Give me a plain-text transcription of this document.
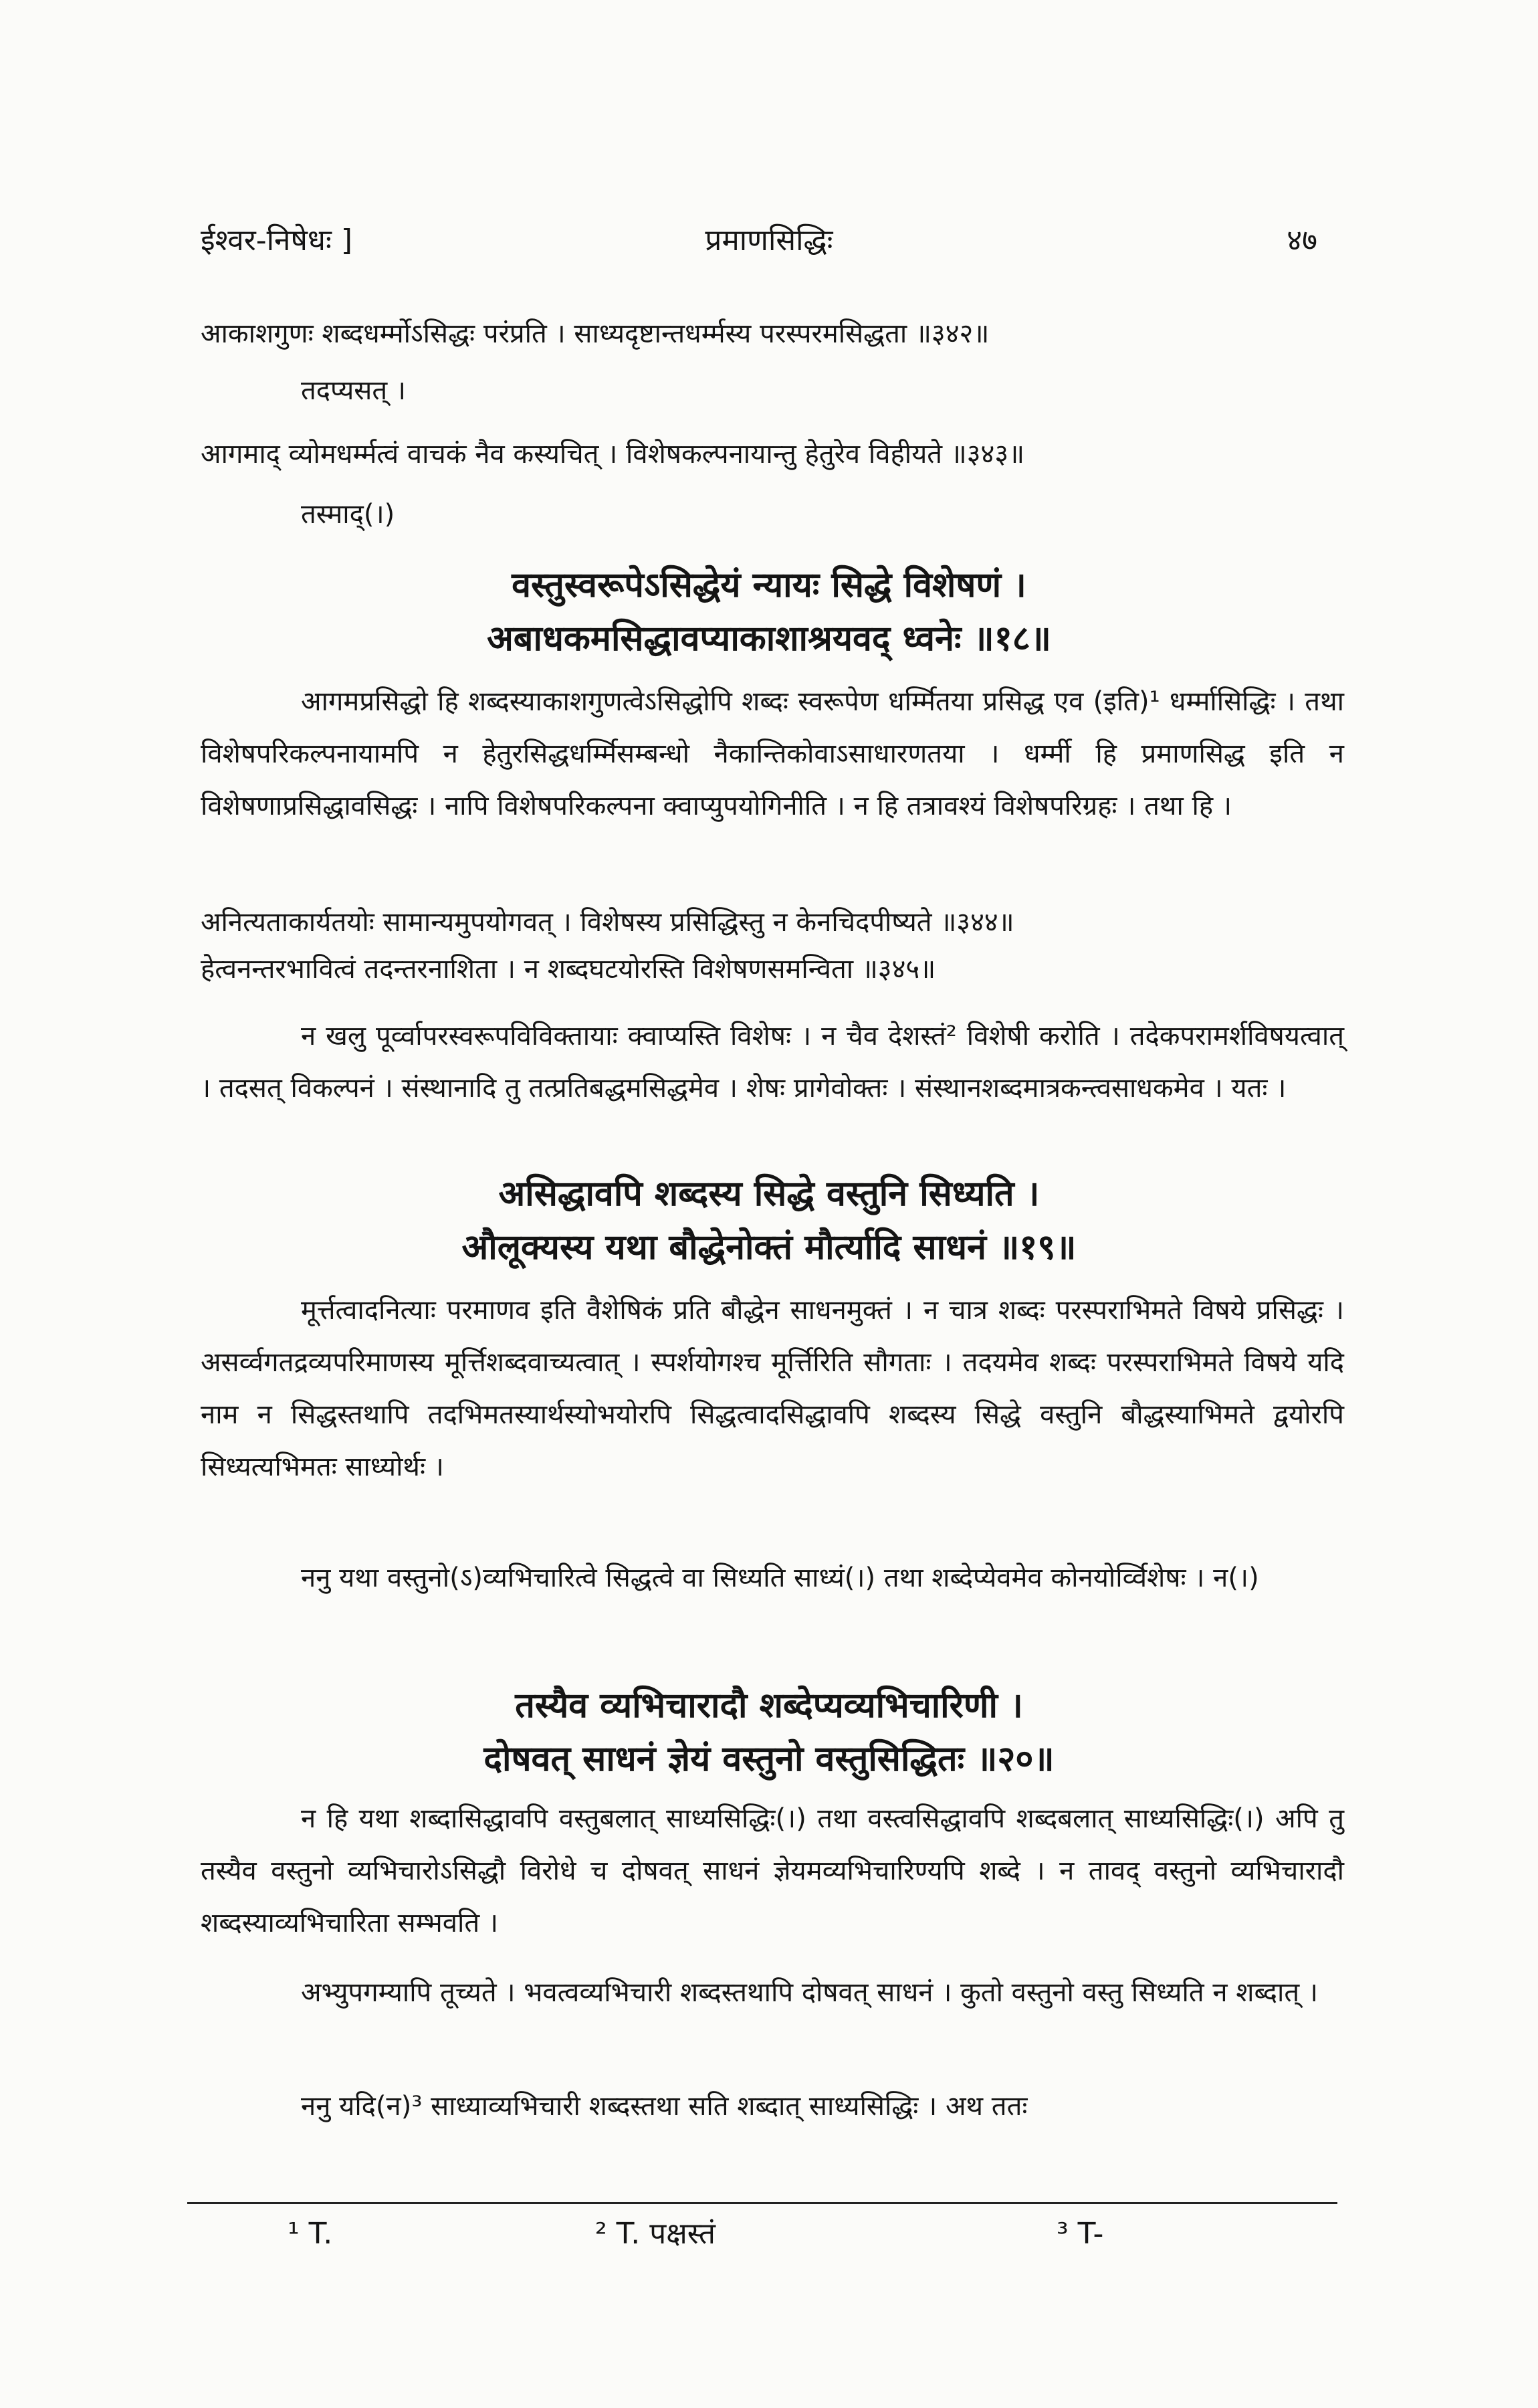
ईश्वर-निषेधः ]	प्रमाणसिद्धिः	४७
आकाशगुणः शब्दधर्म्मोऽसिद्धः परंप्रति । साध्यदृष्टान्तधर्म्मस्य परस्परमसिद्धता ॥३४२॥
तदप्यसत् ।
आगमाद् व्योमधर्म्मत्वं वाचकं नैव कस्यचित् । विशेषकल्पनायान्तु हेतुरेव विहीयते ॥३४३॥
तस्माद्(।)
वस्तुस्वरूपेऽसिद्धेयं न्यायः सिद्धे विशेषणं ।
अबाधकमसिद्धावप्याकाशाश्रयवद् ध्वनेः ॥१८॥
आगमप्रसिद्धो हि शब्दस्याकाशगुणत्वेऽसिद्धोपि शब्दः स्वरूपेण धर्म्मितया प्रसिद्ध एव (इति)¹ धर्म्मासिद्धिः । तथा विशेषपरिकल्पनायामपि न हेतुरसिद्धधर्म्मिसम्बन्धो नैकान्तिकोवाऽसाधारणतया । धर्म्मी हि प्रमाणसिद्ध इति न विशेषणाप्रसिद्धावसिद्धः । नापि विशेषपरिकल्पना क्वाप्युपयोगिनीति । न हि तत्रावश्यं विशेषपरिग्रहः । तथा हि ।
अनित्यताकार्यतयोः सामान्यमुपयोगवत् । विशेषस्य प्रसिद्धिस्तु न केनचिदपीष्यते ॥३४४॥
हेत्वनन्तरभावित्वं तदन्तरनाशिता । न शब्दघटयोरस्ति विशेषणसमन्विता ॥३४५॥
न खलु पूर्व्वापरस्वरूपविविक्तायाः क्वाप्यस्ति विशेषः । न चैव देशस्तं² विशेषी करोति । तदेकपरामर्शविषयत्वात् । तदसत् विकल्पनं । संस्थानादि तु तत्प्रतिबद्धमसिद्धमेव । शेषः प्रागेवोक्तः । संस्थानशब्दमात्रकन्त्वसाधकमेव । यतः ।
असिद्धावपि शब्दस्य सिद्धे वस्तुनि सिध्यति ।
औलूक्यस्य यथा बौद्धेनोक्तं मौर्त्यादि साधनं ॥१९॥
मूर्त्तत्वादनित्याः परमाणव इति वैशेषिकं प्रति बौद्धेन साधनमुक्तं । न चात्र शब्दः परस्पराभिमते विषये प्रसिद्धः । असर्व्वगतद्रव्यपरिमाणस्य मूर्त्तिशब्दवाच्यत्वात् । स्पर्शयोगश्च मूर्त्तिरिति सौगताः । तदयमेव शब्दः परस्पराभिमते विषये यदि नाम न सिद्धस्तथापि तदभिमतस्यार्थस्योभयोरपि सिद्धत्वादसिद्धावपि शब्दस्य सिद्धे वस्तुनि बौद्धस्याभिमते द्वयोरपि सिध्यत्यभिमतः साध्योर्थः ।
ननु यथा वस्तुनो(ऽ)व्यभिचारित्वे सिद्धत्वे वा सिध्यति साध्यं(।) तथा शब्देप्येवमेव कोनयोर्व्विशेषः । न(।)
तस्यैव व्यभिचारादौ शब्देप्यव्यभिचारिणी ।
दोषवत् साधनं ज्ञेयं वस्तुनो वस्तुसिद्धितः ॥२०॥
न हि यथा शब्दासिद्धावपि वस्तुबलात् साध्यसिद्धिः(।) तथा वस्त्वसिद्धावपि शब्दबलात् साध्यसिद्धिः(।) अपि तु तस्यैव वस्तुनो व्यभिचारोऽसिद्धौ विरोधे च दोषवत् साधनं ज्ञेयमव्यभिचारिण्यपि शब्दे । न तावद् वस्तुनो व्यभिचारादौ शब्दस्याव्यभिचारिता सम्भवति ।
अभ्युपगम्यापि तूच्यते । भवत्वव्यभिचारी शब्दस्तथापि दोषवत् साधनं । कुतो वस्तुनो वस्तु सिध्यति न शब्दात् ।
ननु यदि(न)³ साध्याव्यभिचारी शब्दस्तथा सति शब्दात् साध्यसिद्धिः । अथ ततः
¹ T.	² T. पक्षस्तं	³ T-
